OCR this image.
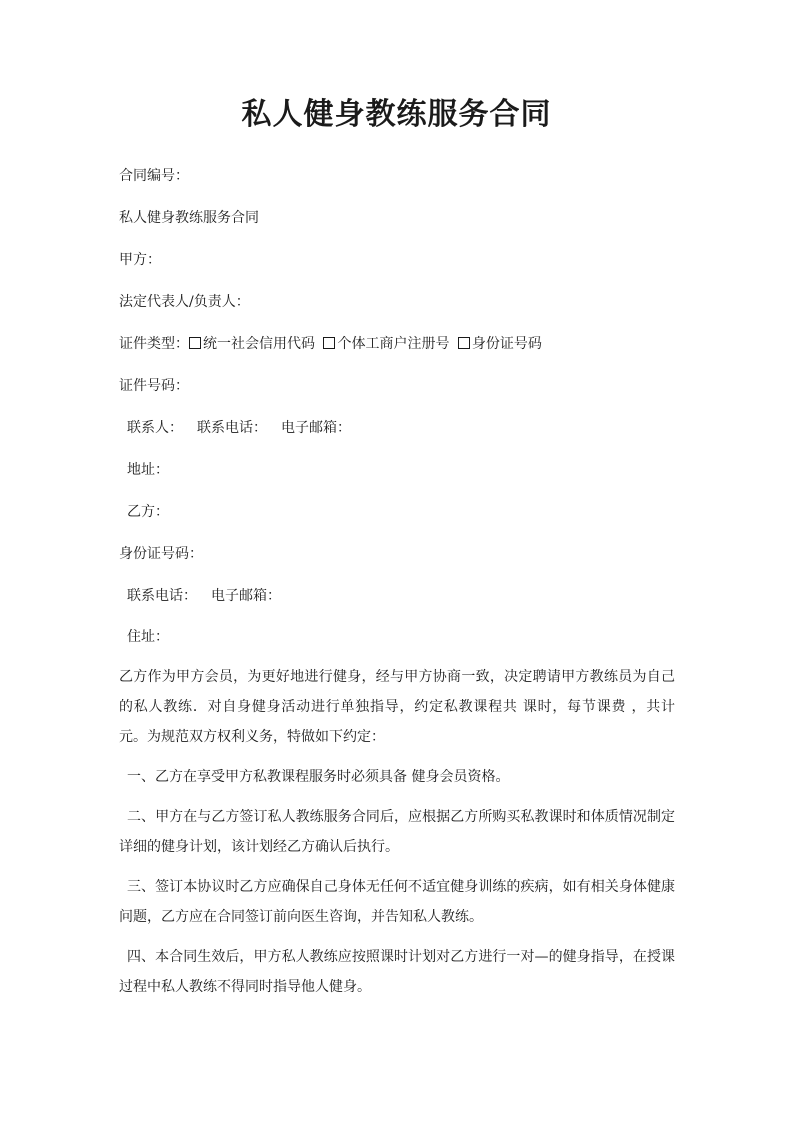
私人健身教练服务合同

合同编号：

私人健身教练服务合同

甲方：

法定代表人/负责人：

证件类型： 统一社会信用代码 个体工商户注册号 身份证号码

证件号码：

联系人： 联系电话： 电子邮箱：

地址：

乙方：

身份证号码：

联系电话： 电子邮箱：

住址：

乙方作为甲方会员，为更好地进行健身，经与甲方协商一致，决定聘请甲方教练员为自己的私人教练．对自身健身活动进行单独指导，约定私教课程共 课时，每节课费 ，共计 元。为规范双方权利义务，特做如下约定：

一、乙方在享受甲方私教课程服务时必须具备 健身会员资格。

二、甲方在与乙方签订私人教练服务合同后，应根据乙方所购买私教课时和体质情况制定详细的健身计划，该计划经乙方确认后执行。

三、签订本协议时乙方应确保自己身体无任何不适宜健身训练的疾病，如有相关身体健康问题，乙方应在合同签订前向医生咨询，并告知私人教练。

四、本合同生效后，甲方私人教练应按照课时计划对乙方进行一对—的健身指导，在授课过程中私人教练不得同时指导他人健身。
